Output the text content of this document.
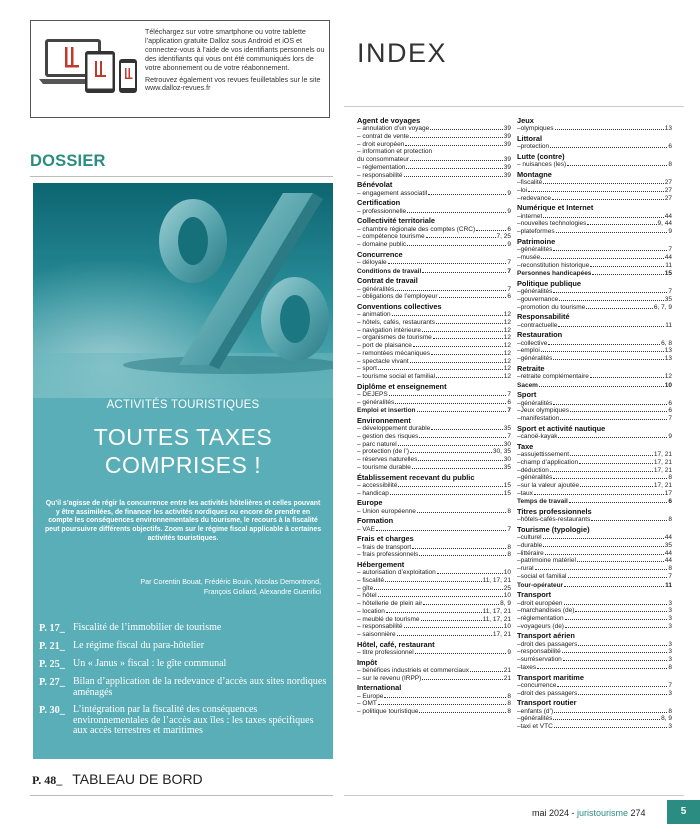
Téléchargez sur votre smartphone ou votre tablette l’application gratuite Dalloz sous Android et iOS et connectez-vous à l’aide de vos identifiants personnels ou des identifiants qui vous ont été communiqués lors de votre abonnement ou de votre réabonnement.

Retrouvez également vos revues feuilletables sur le site www.dalloz-revues.fr

DOSSIER
ACTIVITÉS TOURISTIQUES
TOUTES TAXES
COMPRISES !
Qu’il s’agisse de régir la concurrence entre les activités hôtelières et celles pouvant y être assimilées, de financer les activités nordiques ou encore de prendre en compte les conséquences environnementales du tourisme, le recours à la fiscalité peut poursuivre différents objectifs. Zoom sur le régime fiscal applicable à certaines activités touristiques.
Par Corentin Bouat, Frédéric Bouin, Nicolas Demontrond,
François Goliard, Alexandre Guenifici
P. 17_ Fiscalité de l’immobilier de tourisme
P. 21_ Le régime fiscal du para-hôtelier
P. 25_ Un « Janus » fiscal : le gîte communal
P. 27_ Bilan d’application de la redevance d’accès aux sites nordiques aménagés
P. 30_ L’intégration par la fiscalité des conséquences environnementales de l’accès aux îles : les taxes spécifiques aux accès terrestres et maritimes
P. 48_ TABLEAU DE BORD
INDEX
Agent de voyages
– annulation d’un voyage	39
– contrat de vente	39
– droit européen	39
– information et protection
du consommateur	39
– réglementation	39
– responsabilité	39
Bénévolat
– engagement associatif	9
Certification
– professionnelle	9
Collectivité territoriale
– chambre régionale des comptes (CRC)	6
– compétence tourisme	7, 25
– domaine public	9
Concurrence
– déloyale	7
Conditions de travail	7
Contrat de travail
– généralités	7
– obligations de l’employeur	6
Conventions collectives
– animation	12
– hôtels, cafés, restaurants	12
– navigation intérieure	12
– organismes de tourisme	12
– port de plaisance	12
– remontées mécaniques	12
– spectacle vivant	12
– sport	12
– tourisme social et familial	12
Diplôme et enseignement
– DEJEPS	7
– généralités	6
Emploi et insertion	7
Environnement
– développement durable	35
– gestion des risques	7
– parc naturel	30
– protection (de l’)	30, 35
– réserves naturelles	30
– tourisme durable	35
Établissement recevant du public
– accessibilité	15
– handicap	15
Europe
– Union européenne	8
Formation
– VAE	7
Frais et charges
– frais de transport	8
– frais professionnels	8
Hébergement
– autorisation d’exploitation	10
– fiscalité	11, 17, 21
– gîte	25
– hôtel	10
– hôtellerie de plein air	8, 9
– location	11, 17, 21
– meublé de tourisme	11, 17, 21
– responsabilité	10
– saisonnière	17, 21
Hôtel, café, restaurant
– titre professionnel	9
Impôt
– bénéfices industriels et commerciaux	21
– sur le revenu (IRPP)	21
International
– Europe	8
– OMT	8
– politique touristique	8
Jeux
–olympiques	13
Littoral
–protection	6
Lutte (contre)
– nuisances (les)	8
Montagne
–fiscalité	27
–loi	27
–redevance	27
Numérique et Internet
–internet	44
–nouvelles technologies	9, 44
–plateformes	9
Patrimoine
–généralités	7
–musée	44
–reconstitution historique	11
Personnes handicapées	15
Politique publique
–généralités	7
–gouvernance	35
–promotion du tourisme	6, 7, 9
Responsabilité
–contractuelle	11
Restauration
–collective	6, 8
–emploi	13
–généralités	13
Retraite
–retraite complémentaire	12
Sacem	10
Sport
–généralités	6
–Jeux olympiques	6
–manifestation	7
Sport et activité nautique
–canoë-kayak	9
Taxe
–assujettissement	17, 21
–champ d’application	17, 21
–déduction	17, 21
–généralités	8
–sur la valeur ajoutée	17, 21
–taux	17
Temps de travail	6
Titres professionnels
–hôtels-cafés-restaurants	8
Tourisme (typologie)
–culturel	44
–durable	35
–littéraire	44
–patrimoine matériel	44
–rural	8
–social et familial	7
Tour-opérateur	11
Transport
–droit européen	3
–marchandises (de)	3
–réglementation	3
–voyageurs (de)	3
Transport aérien
–droit des passagers	3
–responsabilité	3
–surréservation	3
–taxes	8
Transport maritime
–concurrence	7
–droit des passagers	3
Transport routier
–enfants (d’)	8
–généralités	8, 9
–taxi et VTC	3
mai 2024 - juristourisme 274	5
